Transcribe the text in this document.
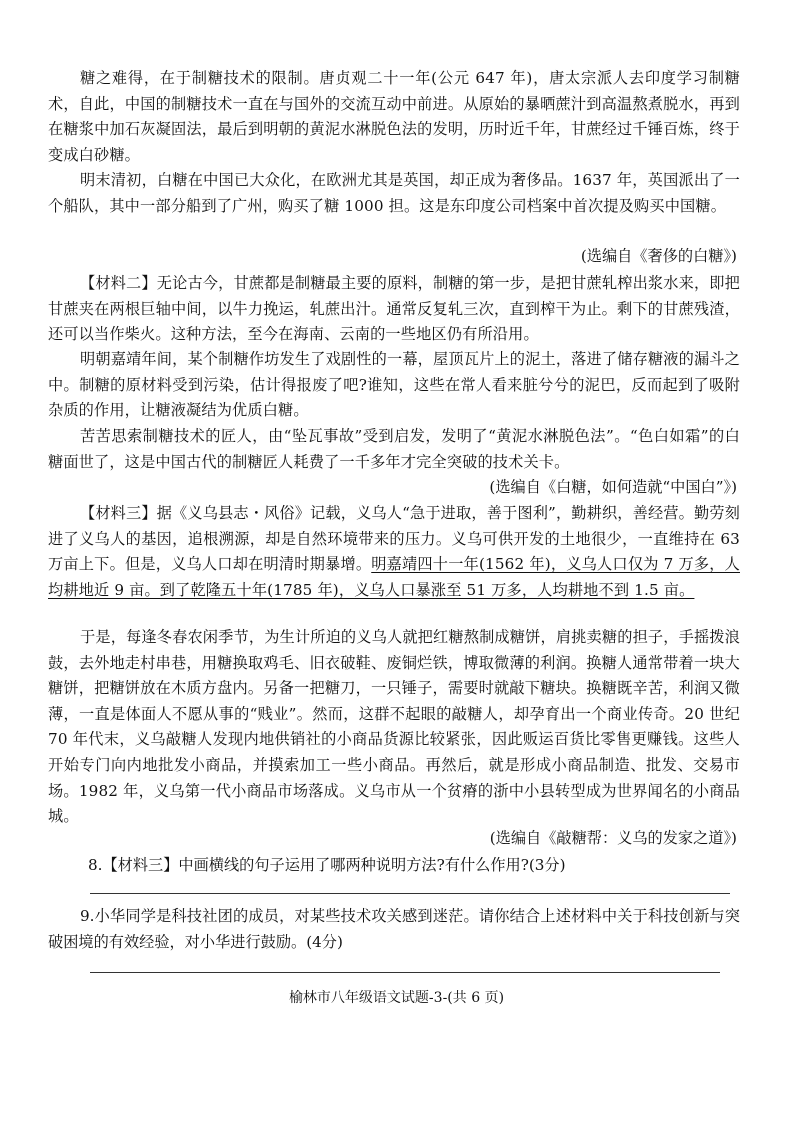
糖之难得，在于制糖技术的限制。唐贞观二十一年(公元 647 年)，唐太宗派人去印度学习制糖术，自此，中国的制糖技术一直在与国外的交流互动中前进。从原始的暴晒蔗汁到高温熬煮脱水，再到在糖浆中加石灰凝固法，最后到明朝的黄泥水淋脱色法的发明，历时近千年，甘蔗经过千锤百炼，终于变成白砂糖。

明末清初，白糖在中国已大众化，在欧洲尤其是英国，却正成为奢侈品。1637 年，英国派出了一个船队，其中一部分船到了广州，购买了糖 1000 担。这是东印度公司档案中首次提及购买中国糖。

(选编自《奢侈的白糖》)

【材料二】无论古今，甘蔗都是制糖最主要的原料，制糖的第一步，是把甘蔗轧榨出浆水来，即把甘蔗夹在两根巨轴中间，以牛力挽运，轧蔗出汁。通常反复轧三次，直到榨干为止。剩下的甘蔗残渣，还可以当作柴火。这种方法，至今在海南、云南的一些地区仍有所沿用。

明朝嘉靖年间，某个制糖作坊发生了戏剧性的一幕，屋顶瓦片上的泥土，落进了储存糖液的漏斗之中。制糖的原材料受到污染，估计得报废了吧?谁知，这些在常人看来脏兮兮的泥巴，反而起到了吸附杂质的作用，让糖液凝结为优质白糖。

苦苦思索制糖技术的匠人，由“坠瓦事故”受到启发，发明了“黄泥水淋脱色法”。“色白如霜”的白糖面世了，这是中国古代的制糖匠人耗费了一千多年才完全突破的技术关卡。

(选编自《白糖，如何造就“中国白”》)

【材料三】据《义乌县志・风俗》记载，义乌人“急于进取，善于图利”，勤耕织，善经营。勤劳刻进了义乌人的基因，追根溯源，却是自然环境带来的压力。义乌可供开发的土地很少，一直维持在 63 万亩上下。但是，义乌人口却在明清时期暴增。明嘉靖四十一年(1562 年)，义乌人口仅为 7 万多，人均耕地近 9 亩。到了乾隆五十年(1785 年)，义乌人口暴涨至 51 万多，人均耕地不到 1.5 亩。

于是，每逢冬春农闲季节，为生计所迫的义乌人就把红糖熬制成糖饼，肩挑卖糖的担子，手摇拨浪鼓，去外地走村串巷，用糖换取鸡毛、旧衣破鞋、废铜烂铁，博取微薄的利润。换糖人通常带着一块大糖饼，把糖饼放在木质方盘内。另备一把糖刀，一只锤子，需要时就敲下糖块。换糖既辛苦，利润又微薄，一直是体面人不愿从事的“贱业”。然而，这群不起眼的敲糖人，却孕育出一个商业传奇。20 世纪 70 年代末，义乌敲糖人发现内地供销社的小商品货源比较紧张，因此贩运百货比零售更赚钱。这些人开始专门向内地批发小商品，并摸索加工一些小商品。再然后，就是形成小商品制造、批发、交易市场。1982 年，义乌第一代小商品市场落成。义乌市从一个贫瘠的浙中小县转型成为世界闻名的小商品城。

(选编自《敲糖帮：义乌的发家之道》)

8.【材料三】中画横线的句子运用了哪两种说明方法?有什么作用?(3分)

9.小华同学是科技社团的成员，对某些技术攻关感到迷茫。请你结合上述材料中关于科技创新与突破困境的有效经验，对小华进行鼓励。(4分)

榆林市八年级语文试题-3-(共 6 页)
